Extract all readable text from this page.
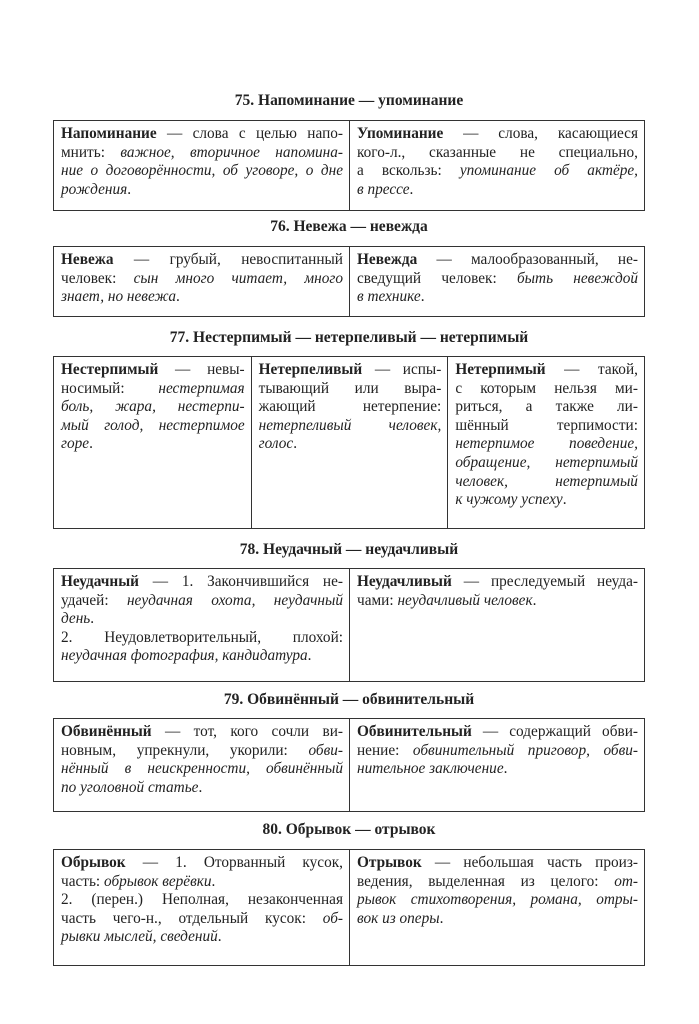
75. Напоминание — упоминание
Напоминание — слова с целью напо-
мнить: важное, вторичное напомина-
ние о договорённости, об уговоре, о дне
рождения.
Упоминание — слова, касающиеся
кого-л., сказанные не специально,
а вскользь: упоминание об актёре,
в прессе.
76. Невежа — невежда
Невежа — грубый, невоспитанный
человек: сын много читает, много
знает, но невежа.
Невежда — малообразованный, не-
сведущий человек: быть невеждой
в технике.
77. Нестерпимый — нетерпеливый — нетерпимый
Нестерпимый — невы-
носимый: нестерпимая
боль, жара, нестерпи-
мый голод, нестерпимое
горе.
Нетерпеливый — испы-
тывающий или выра-
жающий нетерпение:
нетерпеливый человек,
голос.
Нетерпимый — такой,
с которым нельзя ми-
риться, а также ли-
шённый терпимости:
нетерпимое поведение,
обращение, нетерпимый
человек, нетерпимый
к чужому успеху.
78. Неудачный — неудачливый
Неудачный — 1. Закончившийся не-
удачей: неудачная охота, неудачный
день.
2. Неудовлетворительный, плохой:
неудачная фотография, кандидатура.
Неудачливый — преследуемый неуда-
чами: неудачливый человек.
79. Обвинённый — обвинительный
Обвинённый — тот, кого сочли ви-
новным, упрекнули, укорили: обви-
нённый в неискренности, обвинённый
по уголовной статье.
Обвинительный — содержащий обви-
нение: обвинительный приговор, обви-
нительное заключение.
80. Обрывок — отрывок
Обрывок — 1. Оторванный кусок,
часть: обрывок верёвки.
2. (перен.) Неполная, незаконченная
часть чего-н., отдельный кусок: об-
рывки мыслей, сведений.
Отрывок — небольшая часть произ-
ведения, выделенная из целого: от-
рывок стихотворения, романа, отры-
вок из оперы.
